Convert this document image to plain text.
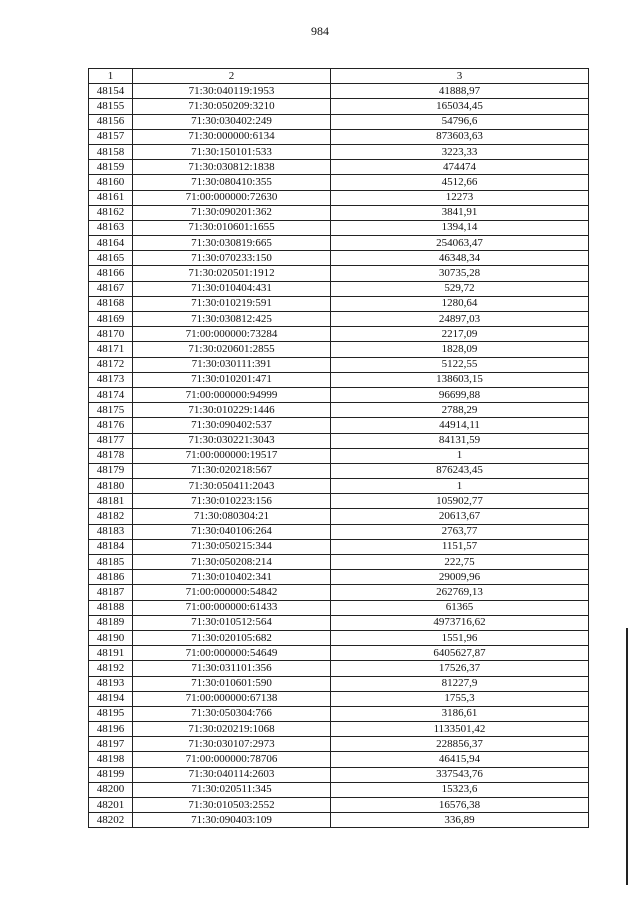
984
1	2	3
48154	71:30:040119:1953	41888,97
48155	71:30:050209:3210	165034,45
48156	71:30:030402:249	54796,6
48157	71:30:000000:6134	873603,63
48158	71:30:150101:533	3223,33
48159	71:30:030812:1838	474474
48160	71:30:080410:355	4512,66
48161	71:00:000000:72630	12273
48162	71:30:090201:362	3841,91
48163	71:30:010601:1655	1394,14
48164	71:30:030819:665	254063,47
48165	71:30:070233:150	46348,34
48166	71:30:020501:1912	30735,28
48167	71:30:010404:431	529,72
48168	71:30:010219:591	1280,64
48169	71:30:030812:425	24897,03
48170	71:00:000000:73284	2217,09
48171	71:30:020601:2855	1828,09
48172	71:30:030111:391	5122,55
48173	71:30:010201:471	138603,15
48174	71:00:000000:94999	96699,88
48175	71:30:010229:1446	2788,29
48176	71:30:090402:537	44914,11
48177	71:30:030221:3043	84131,59
48178	71:00:000000:19517	1
48179	71:30:020218:567	876243,45
48180	71:30:050411:2043	1
48181	71:30:010223:156	105902,77
48182	71:30:080304:21	20613,67
48183	71:30:040106:264	2763,77
48184	71:30:050215:344	1151,57
48185	71:30:050208:214	222,75
48186	71:30:010402:341	29009,96
48187	71:00:000000:54842	262769,13
48188	71:00:000000:61433	61365
48189	71:30:010512:564	4973716,62
48190	71:30:020105:682	1551,96
48191	71:00:000000:54649	6405627,87
48192	71:30:031101:356	17526,37
48193	71:30:010601:590	81227,9
48194	71:00:000000:67138	1755,3
48195	71:30:050304:766	3186,61
48196	71:30:020219:1068	1133501,42
48197	71:30:030107:2973	228856,37
48198	71:00:000000:78706	46415,94
48199	71:30:040114:2603	337543,76
48200	71:30:020511:345	15323,6
48201	71:30:010503:2552	16576,38
48202	71:30:090403:109	336,89
